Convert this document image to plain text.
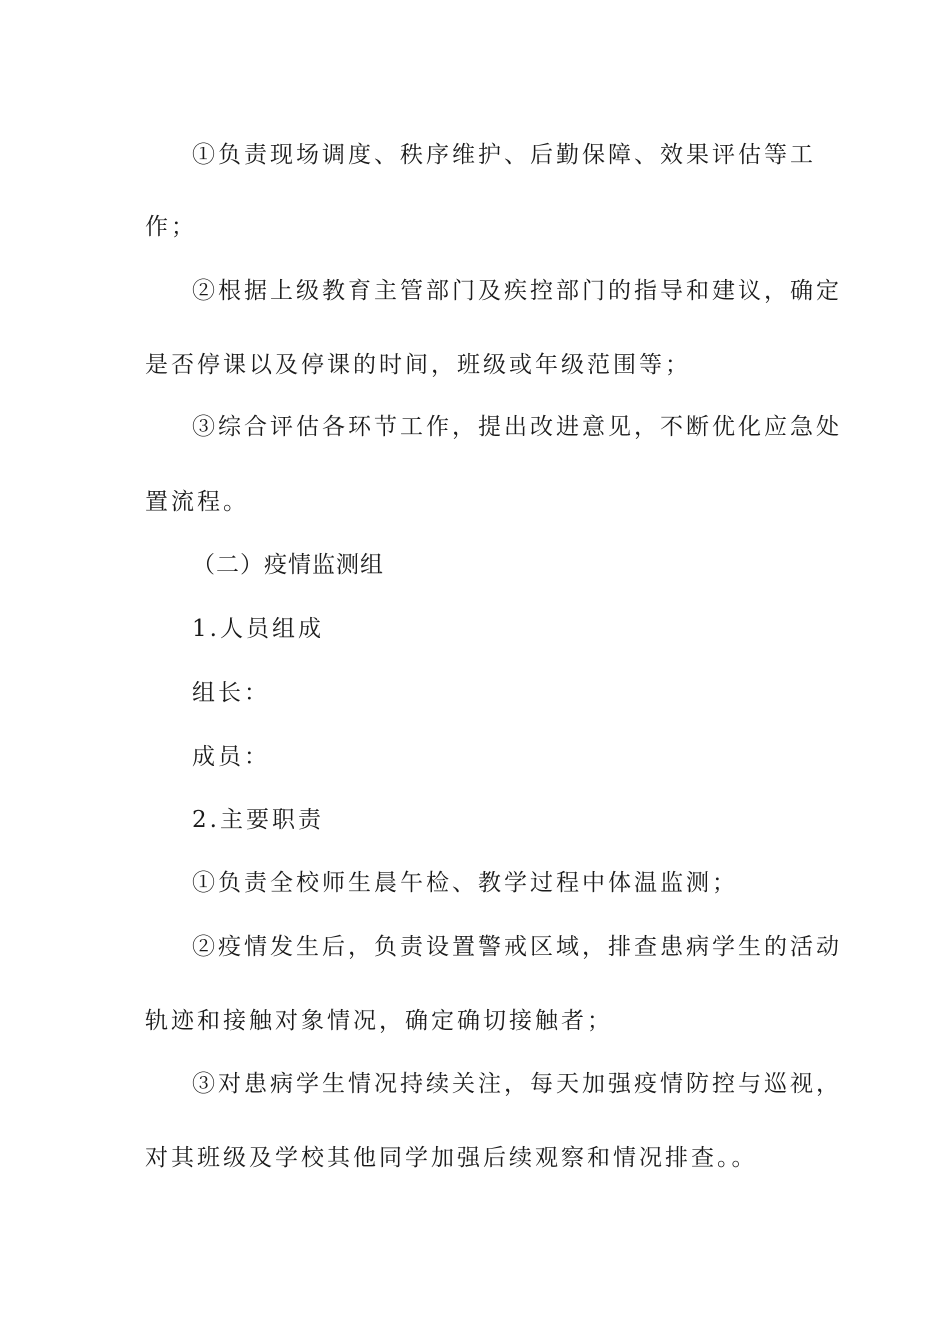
①负责现场调度、秩序维护、后勤保障、效果评估等工
作；
②根据上级教育主管部门及疾控部门的指导和建议，确定
是否停课以及停课的时间，班级或年级范围等；
③综合评估各环节工作，提出改进意见，不断优化应急处
置流程。
（二）疫情监测组
1.人员组成
组长：
成员：
2.主要职责
①负责全校师生晨午检、教学过程中体温监测；
②疫情发生后，负责设置警戒区域，排查患病学生的活动
轨迹和接触对象情况，确定确切接触者；
③对患病学生情况持续关注，每天加强疫情防控与巡视，
对其班级及学校其他同学加强后续观察和情况排查。。
